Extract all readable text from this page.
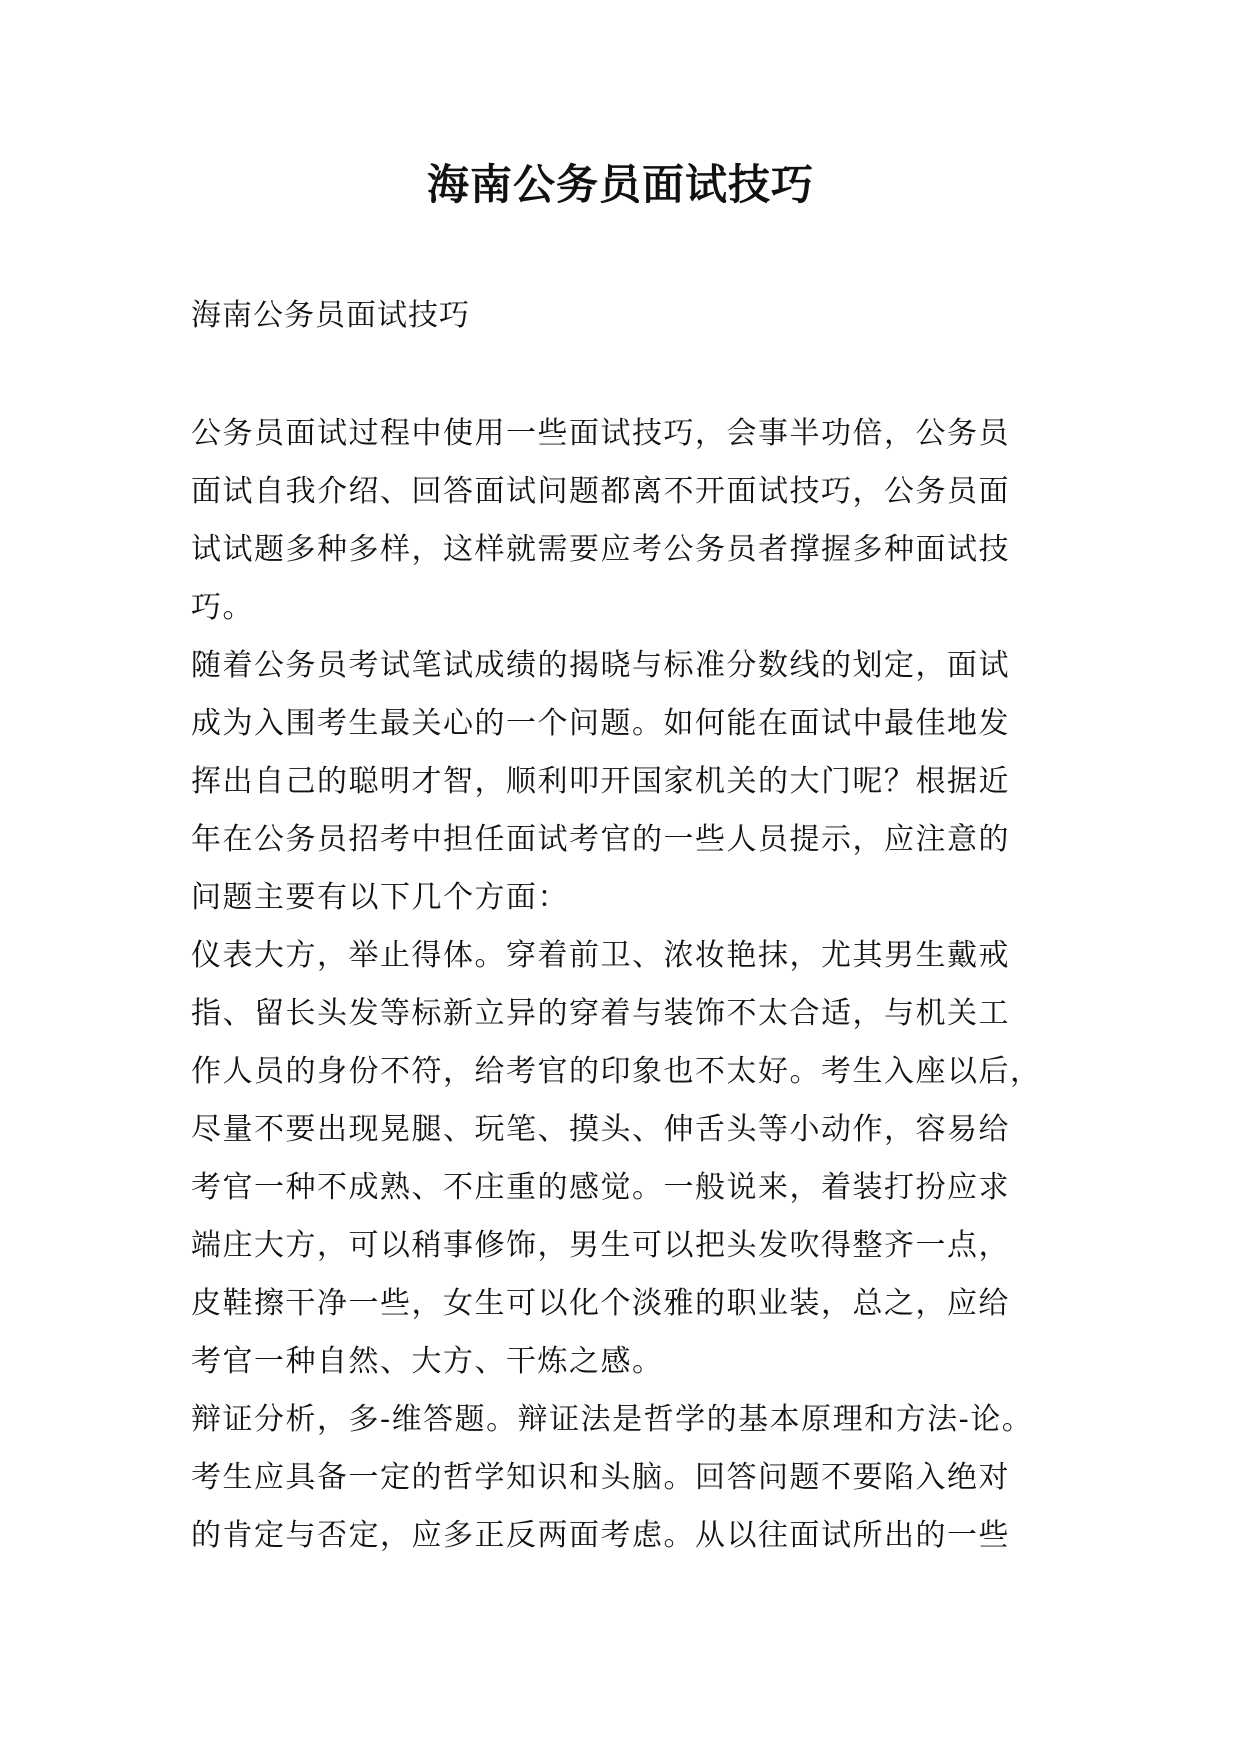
海南公务员面试技巧
海南公务员面试技巧
公务员面试过程中使用一些面试技巧，会事半功倍，公务员
面试自我介绍、回答面试问题都离不开面试技巧，公务员面
试试题多种多样，这样就需要应考公务员者撑握多种面试技
巧。
随着公务员考试笔试成绩的揭晓与标准分数线的划定，面试
成为入围考生最关心的一个问题。如何能在面试中最佳地发
挥出自己的聪明才智，顺利叩开国家机关的大门呢？根据近
年在公务员招考中担任面试考官的一些人员提示，应注意的
问题主要有以下几个方面：
仪表大方，举止得体。穿着前卫、浓妆艳抹，尤其男生戴戒
指、留长头发等标新立异的穿着与装饰不太合适，与机关工
作人员的身份不符，给考官的印象也不太好。考生入座以后，
尽量不要出现晃腿、玩笔、摸头、伸舌头等小动作，容易给
考官一种不成熟、不庄重的感觉。一般说来，着装打扮应求
端庄大方，可以稍事修饰，男生可以把头发吹得整齐一点，
皮鞋擦干净一些，女生可以化个淡雅的职业装，总之，应给
考官一种自然、大方、干炼之感。
辩证分析，多-维答题。辩证法是哲学的基本原理和方法-论。
考生应具备一定的哲学知识和头脑。回答问题不要陷入绝对
的肯定与否定，应多正反两面考虑。从以往面试所出的一些
